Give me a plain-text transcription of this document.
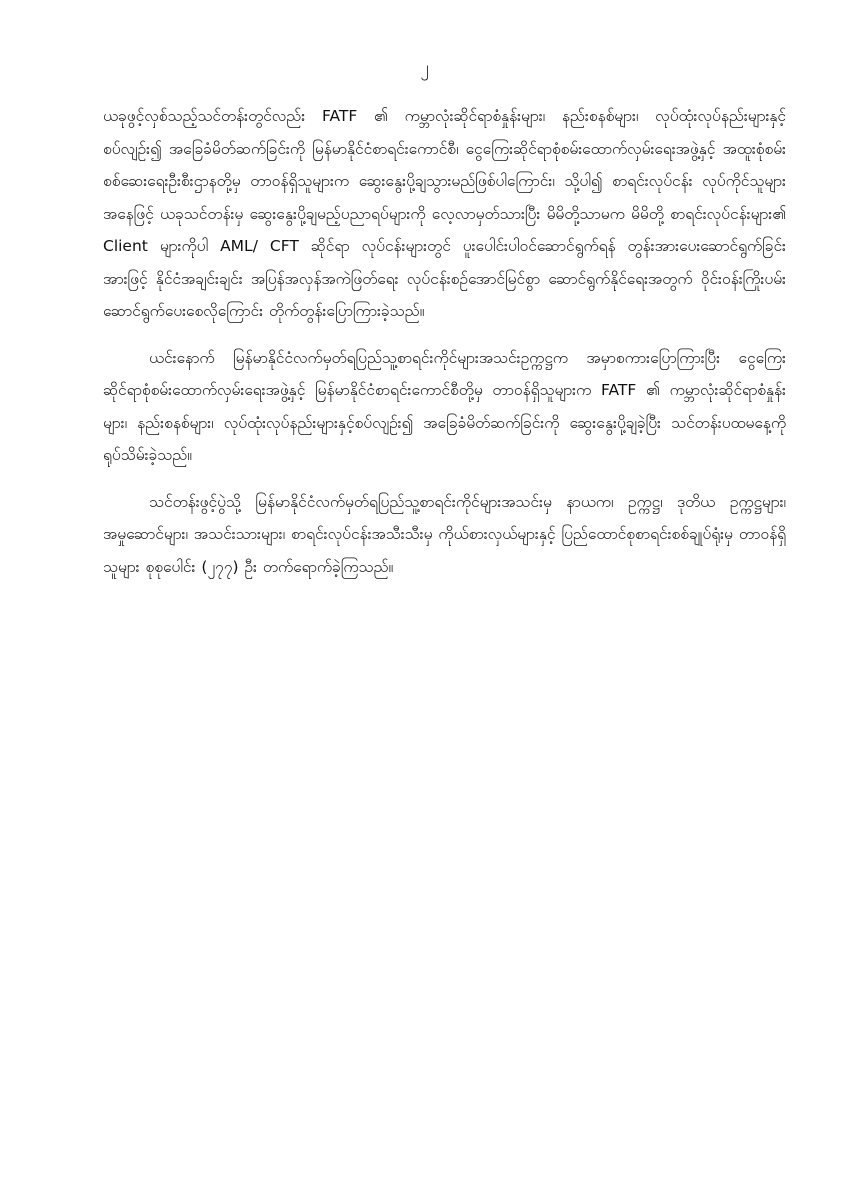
၂

ယခုဖွင့်လှစ်သည့်သင်တန်းတွင်လည်း FATF ၏ ကမ္ဘာလုံးဆိုင်ရာစံနှုန်းများ၊ နည်းစနစ်များ၊ လုပ်ထုံးလုပ်နည်းများနှင့်စပ်လျဉ်း၍ အခြေခံမိတ်ဆက်ခြင်းကို မြန်မာနိုင်ငံစာရင်းကောင်စီ၊ ငွေကြေးဆိုင်ရာစုံစမ်းထောက်လှမ်းရေးအဖွဲ့နှင့် အထူးစုံစမ်းစစ်ဆေးရေးဦးစီးဌာနတို့မှ တာဝန်ရှိသူများက ဆွေးနွေးပို့ချသွားမည်ဖြစ်ပါကြောင်း၊ သို့ပါ၍ စာရင်းလုပ်ငန်း လုပ်ကိုင်သူများအနေဖြင့် ယခုသင်တန်းမှ ဆွေးနွေးပို့ချမည့်ပညာရပ်များကို လေ့လာမှတ်သားပြီး မိမိတို့သာမက မိမိတို့ စာရင်းလုပ်ငန်းများ၏ Client များကိုပါ AML/ CFT ဆိုင်ရာ လုပ်ငန်းများတွင် ပူးပေါင်းပါဝင်ဆောင်ရွက်ရန် တွန်းအားပေးဆောင်ရွက်ခြင်းအားဖြင့် နိုင်ငံအချင်းချင်း အပြန်အလှန်အကဲဖြတ်ရေး လုပ်ငန်းစဉ်အောင်မြင်စွာ ဆောင်ရွက်နိုင်ရေးအတွက် ဝိုင်းဝန်းကြိုးပမ်းဆောင်ရွက်ပေးစေလိုကြောင်း တိုက်တွန်းပြောကြားခဲ့သည်။

ယင်းနောက် မြန်မာနိုင်ငံလက်မှတ်ရပြည်သူ့စာရင်းကိုင်များအသင်းဥက္ကဋ္ဌက အမှာစကားပြောကြားပြီး ငွေကြေးဆိုင်ရာစုံစမ်းထောက်လှမ်းရေးအဖွဲ့နှင့် မြန်မာနိုင်ငံစာရင်းကောင်စီတို့မှ တာဝန်ရှိသူများက FATF ၏ ကမ္ဘာလုံးဆိုင်ရာစံနှုန်းများ၊ နည်းစနစ်များ၊ လုပ်ထုံးလုပ်နည်းများနှင့်စပ်လျဉ်း၍ အခြေခံမိတ်ဆက်ခြင်းကို ဆွေးနွေးပို့ချခဲ့ပြီး သင်တန်းပထမနေ့ကို ရုပ်သိမ်းခဲ့သည်။

သင်တန်းဖွင့်ပွဲသို့ မြန်မာနိုင်ငံလက်မှတ်ရပြည်သူ့စာရင်းကိုင်များအသင်းမှ နာယက၊ ဥက္ကဋ္ဌ၊ ဒုတိယ ဥက္ကဋ္ဌများ၊ အမှုဆောင်များ၊ အသင်းသားများ၊ စာရင်းလုပ်ငန်းအသီးသီးမှ ကိုယ်စားလှယ်များနှင့် ပြည်ထောင်စုစာရင်းစစ်ချုပ်ရုံးမှ တာဝန်ရှိသူများ စုစုပေါင်း (၂၇၇) ဦး တက်ရောက်ခဲ့ကြသည်။
